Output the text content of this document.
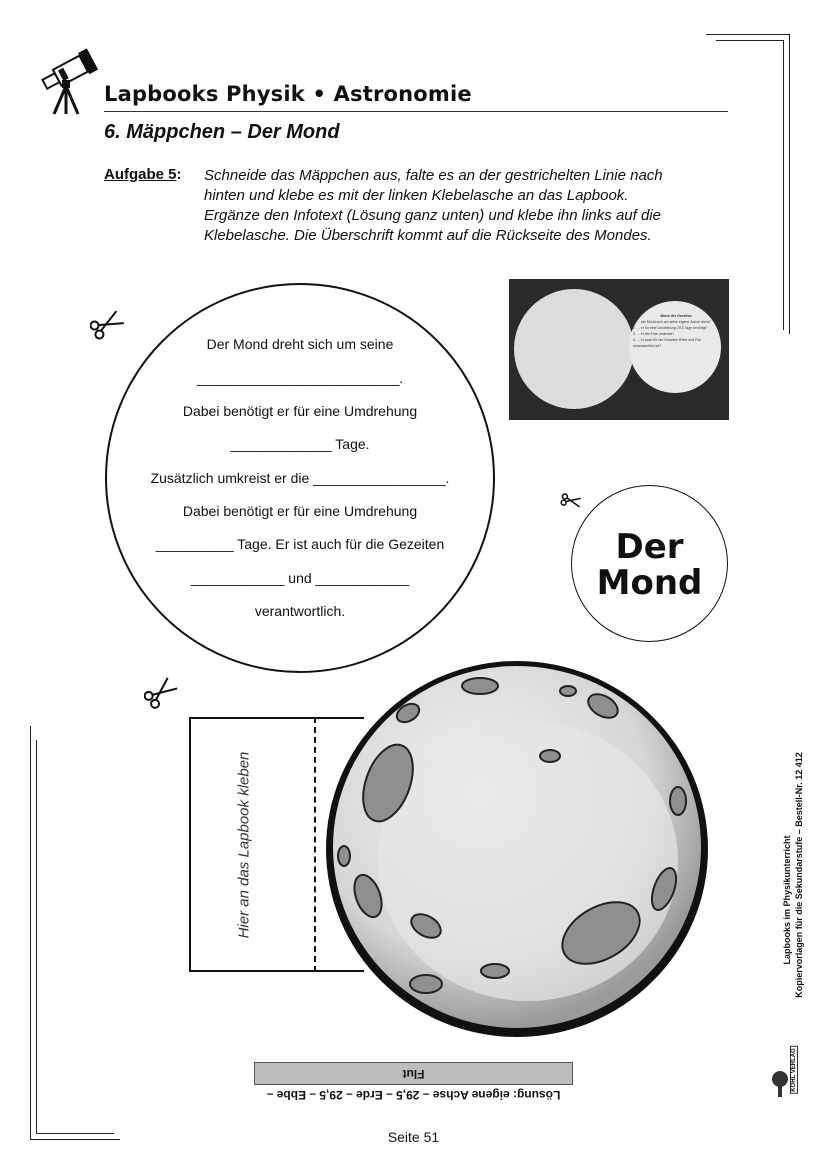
Lapbooks Physik • Astronomie
6. Mäppchen – Der Mond
Aufgabe 5: Schneide das Mäppchen aus, falte es an der gestrichelten Linie nach
hinten und klebe es mit der linken Klebelasche an das Lapbook.
Ergänze den Infotext (Lösung ganz unten) und klebe ihn links auf die
Klebelasche. Die Überschrift kommt auf die Rückseite des Mondes.
Der Mond dreht sich um seine
__________________________.
Dabei benötigt er für eine Umdrehung
_____________ Tage.
Zusätzlich umkreist er die _________________.
Dabei benötigt er für eine Umdrehung
__________ Tage. Er ist auch für die Gezeiten
____________ und ____________
verantwortlich.
Mond der Gezeiten
1. ... der Mond sich um seine eigene Achse dreht?
2. ... er für eine Umdrehung 29,5 Tage benötigt?
3. ... er die Erde umkreist?
4. ... er auch für die Gezeiten Ebbe und Flut verantwortlich ist?
Der
Mond
Hier an das Lapbook kleben
Lösung: eigene Achse – 29,5 – Erde – 29,5 – Ebbe – Flut
Lapbooks im Physikunterricht Kopiervorlagen für die Sekundarstufe – Bestell-Nr. 12 412
KOHL VERLAG
Seite 51
